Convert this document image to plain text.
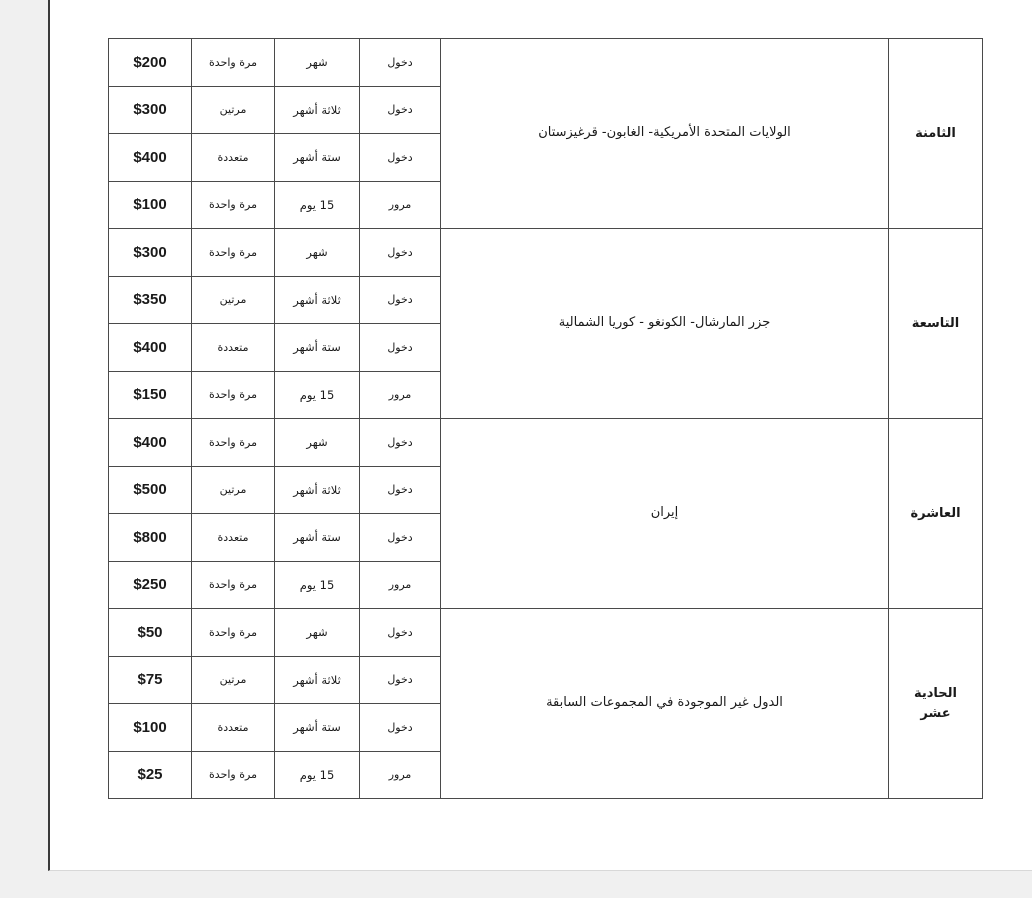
$200	مرة واحدة	شهر	دخول	الولايات المتحدة الأمريكية- الغابون- قرغيزستان	الثامنة
$300	مرتين	ثلاثة أشهر	دخول		
$400	متعددة	ستة أشهر	دخول		
$100	مرة واحدة	15 يوم	مرور		
$300	مرة واحدة	شهر	دخول	جزر المارشال- الكونغو - كوريا الشمالية	التاسعة
$350	مرتين	ثلاثة أشهر	دخول		
$400	متعددة	ستة أشهر	دخول		
$150	مرة واحدة	15 يوم	مرور		
$400	مرة واحدة	شهر	دخول	إيران	العاشرة
$500	مرتين	ثلاثة أشهر	دخول		
$800	متعددة	ستة أشهر	دخول		
$250	مرة واحدة	15 يوم	مرور		
$50	مرة واحدة	شهر	دخول	الدول غير الموجودة في المجموعات السابقة	الحادية عشر
$75	مرتين	ثلاثة أشهر	دخول		
$100	متعددة	ستة أشهر	دخول		
$25	مرة واحدة	15 يوم	مرور		
